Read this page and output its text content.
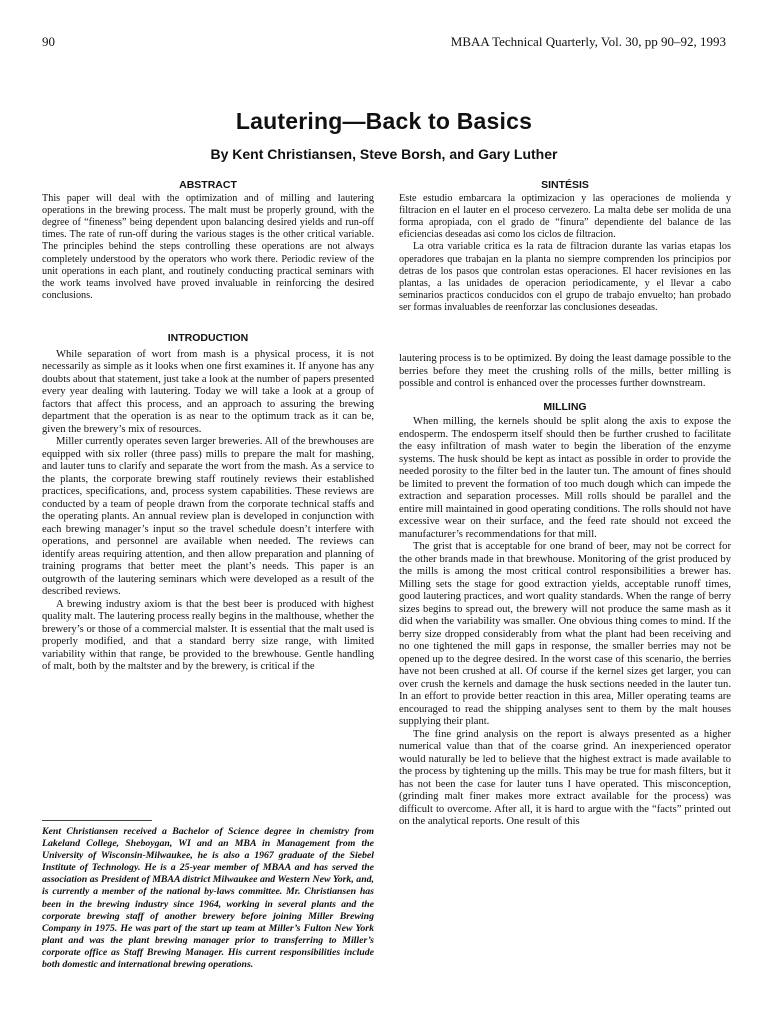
90	MBAA Technical Quarterly, Vol. 30, pp 90–92, 1993
Lautering—Back to Basics
By Kent Christiansen, Steve Borsh, and Gary Luther
ABSTRACT

This paper will deal with the optimization and of milling and lautering operations in the brewing process. The malt must be properly ground, with the degree of “fineness” being dependent upon balancing desired yields and run-off times. The rate of run-off during the various stages is the other critical variable. The principles behind the steps controlling these operations are not always completely understood by the operators who work there. Periodic review of the unit operations in each plant, and routinely conducting practical seminars with the work teams involved have proved invaluable in reinforcing the desired conclusions.

SINTÉSIS

Este estudio embarcara la optimizacion y las operaciones de molienda y filtracion en el lauter en el proceso cervezero. La malta debe ser molida de una forma apropiada, con el grado de “finura” dependiente del balance de las eficiencias deseadas asi como los ciclos de filtracion.

La otra variable critica es la rata de filtracion durante las varias etapas los operadores que trabajan en la planta no siempre comprenden los principios por detras de los pasos que controlan estas operaciones. El hacer revisiones en las plantas, a las unidades de operacion periodicamente, y el llevar a cabo seminarios practicos conducidos con el grupo de trabajo envuelto; han probado ser formas invaluables de reenforzar las conclusiones deseadas.

INTRODUCTION

While separation of wort from mash is a physical process, it is not necessarily as simple as it looks when one first examines it. If anyone has any doubts about that statement, just take a look at the number of papers presented every year dealing with lautering. Today we will take a look at a group of factors that affect this process, and an approach to assuring the brewing department that the operation is as near to the optimum track as it can be, given the brewery’s mix of resources.

Miller currently operates seven larger breweries. All of the brewhouses are equipped with six roller (three pass) mills to prepare the malt for mashing, and lauter tuns to clarify and separate the wort from the mash. As a service to the plants, the corporate brewing staff routinely reviews their established practices, specifications, and, process system capabilities. These reviews are conducted by a team of people drawn from the corporate technical staffs and the operating plants. An annual review plan is developed in conjunction with each brewing manager’s input so the travel schedule doesn’t interfere with operations, and personnel are available when needed. The reviews can identify areas requiring attention, and then allow preparation and planning of training programs that better meet the plant’s needs. This paper is an outgrowth of the lautering seminars which were developed as a result of the described reviews.

A brewing industry axiom is that the best beer is produced with highest quality malt. The lautering process really begins in the malthouse, whether the brewery’s or those of a commercial malster. It is essential that the malt used is properly modified, and that a standard berry size range, with limited variability within that range, be provided to the brewhouse. Gentle handling of malt, both by the maltster and by the brewery, is critical if the

Kent Christiansen received a Bachelor of Science degree in chemistry from Lakeland College, Sheboygan, WI and an MBA in Management from the University of Wisconsin-Milwaukee, he is also a 1967 graduate of the Siebel Institute of Technology. He is a 25-year member of MBAA and has served the association as President of MBAA district Milwaukee and Western New York, and, is currently a member of the national by-laws committee. Mr. Christiansen has been in the brewing industry since 1964, working in several plants and the corporate brewing staff of another brewery before joining Miller Brewing Company in 1975. He was part of the start up team at Miller’s Fulton New York plant and was the plant brewing manager prior to transferring to Miller’s corporate office as Staff Brewing Manager. His current responsibilities include both domestic and international brewing operations.

lautering process is to be optimized. By doing the least damage possible to the berries before they meet the crushing rolls of the mills, better milling is possible and control is enhanced over the processes further downstream.

MILLING

When milling, the kernels should be split along the axis to expose the endosperm. The endosperm itself should then be further crushed to facilitate the easy infiltration of mash water to begin the liberation of the enzyme systems. The husk should be kept as intact as possible in order to provide the needed porosity to the filter bed in the lauter tun. The amount of fines should be limited to prevent the formation of too much dough which can impede the extraction and separation processes. Mill rolls should be parallel and the entire mill maintained in good operating conditions. The rolls should not have excessive wear on their surface, and the feed rate should not exceed the manufacturer’s recommendations for that mill.

The grist that is acceptable for one brand of beer, may not be correct for the other brands made in that brewhouse. Monitoring of the grist produced by the mills is among the most critical control responsibilities a brewer has. Milling sets the stage for good extraction yields, acceptable runoff times, good lautering practices, and wort quality standards. When the range of berry sizes begins to spread out, the brewery will not produce the same mash as it did when the variability was smaller. One obvious thing comes to mind. If the berry size dropped considerably from what the plant had been receiving and no one tightened the mill gaps in response, the smaller berries may not be opened up to the degree desired. In the worst case of this scenario, the berries have not been crushed at all. Of course if the kernel sizes get larger, you can over crush the kernels and damage the husk sections needed in the lauter tun. In an effort to provide better reaction in this area, Miller operating teams are encouraged to read the shipping analyses sent to them by the malt houses supplying their plant.

The fine grind analysis on the report is always presented as a higher numerical value than that of the coarse grind. An inexperienced operator would naturally be led to believe that the highest extract is made available to the process by tightening up the mills. This may be true for mash filters, but it has not been the case for lauter tuns I have operated. This misconception, (grinding malt finer makes more extract available for the process) was difficult to overcome. After all, it is hard to argue with the “facts” printed out on the analytical reports. One result of this
